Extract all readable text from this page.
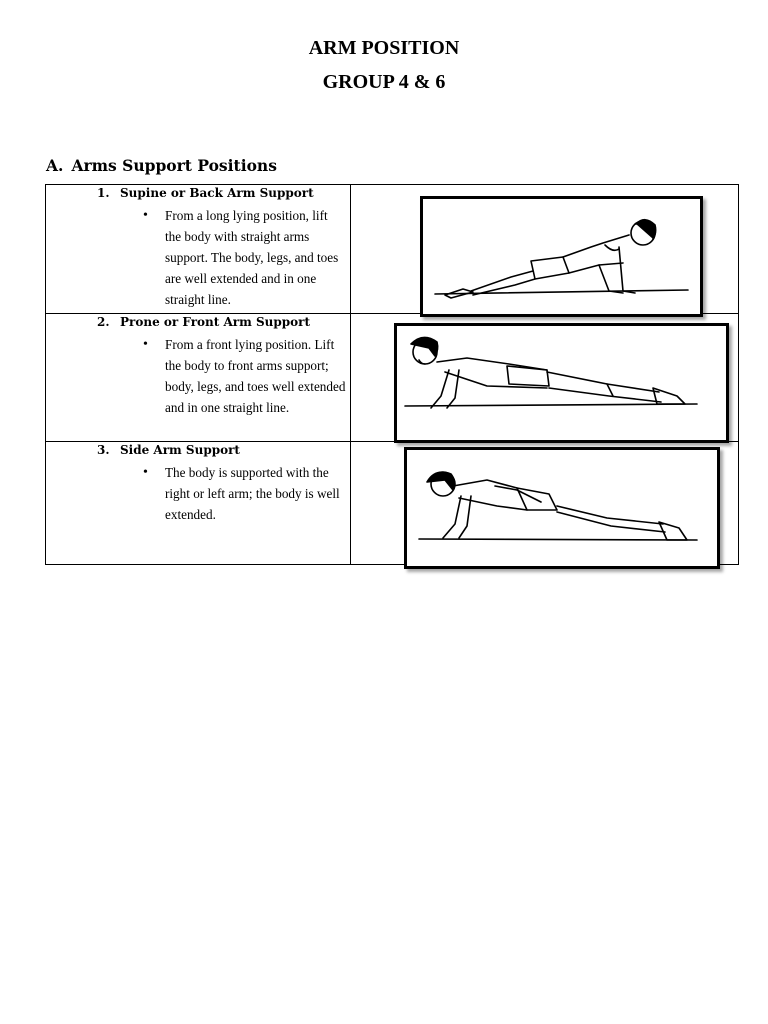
ARM POSITION
GROUP 4 & 6
A. Arms Support Positions
1. Supine or Back Arm Support
• From a long lying position, lift the body with straight arms support. The body, legs, and toes are well extended and in one straight line.	

2. Prone or Front Arm Support
• From a front lying position. Lift the body to front arms support; body, legs, and toes well extended and in one straight line.	

3. Side Arm Support
• The body is supported with the right or left arm; the body is well extended.	
